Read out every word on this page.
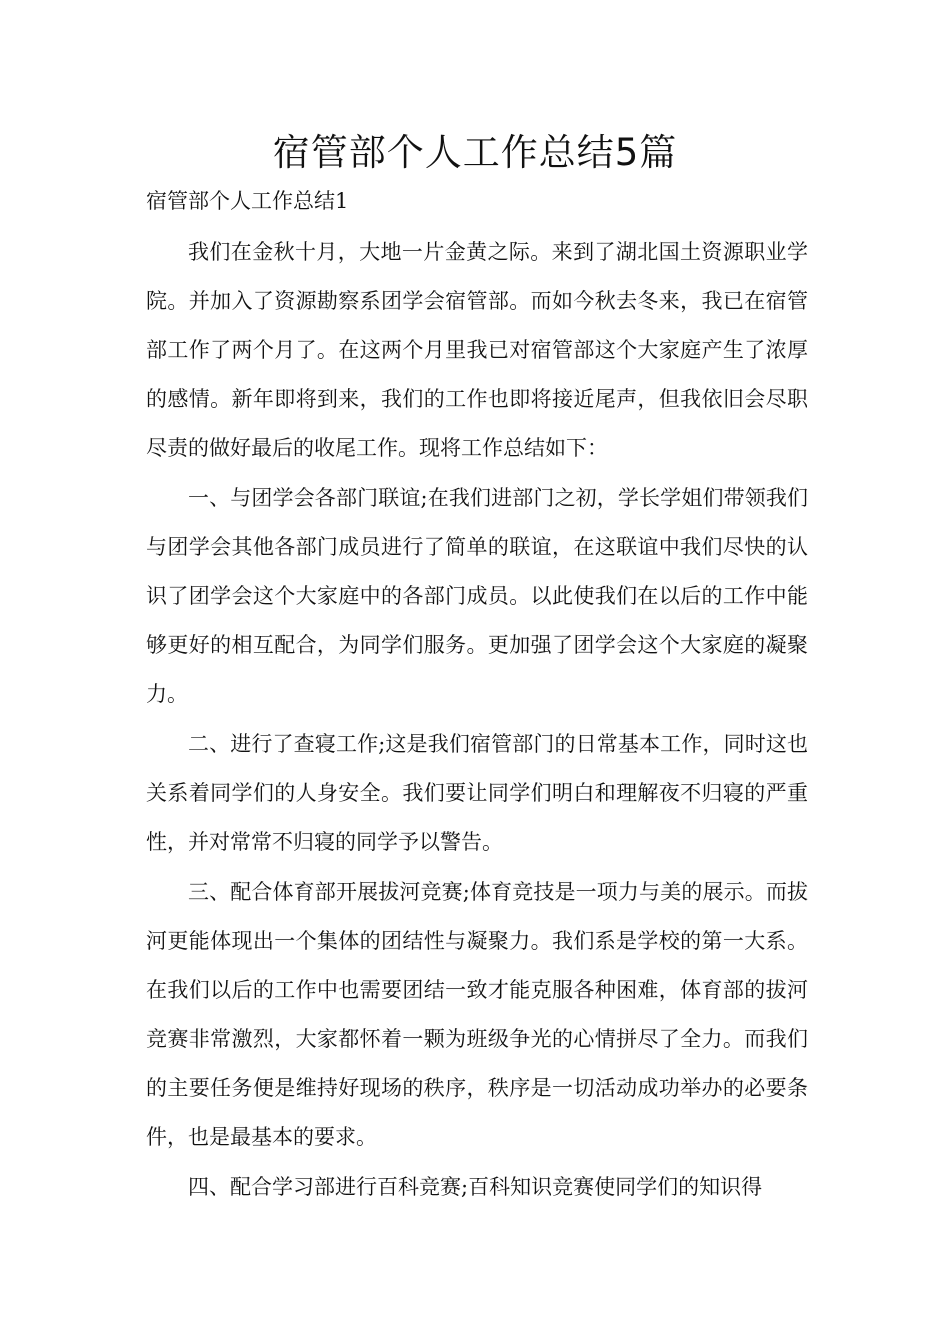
宿管部个人工作总结5篇

宿管部个人工作总结1

我们在金秋十月，大地一片金黄之际。来到了湖北国土资源职业学院。并加入了资源勘察系团学会宿管部。而如今秋去冬来，我已在宿管部工作了两个月了。在这两个月里我已对宿管部这个大家庭产生了浓厚的感情。新年即将到来，我们的工作也即将接近尾声，但我依旧会尽职尽责的做好最后的收尾工作。现将工作总结如下：

一、与团学会各部门联谊;在我们进部门之初，学长学姐们带领我们与团学会其他各部门成员进行了简单的联谊，在这联谊中我们尽快的认识了团学会这个大家庭中的各部门成员。以此使我们在以后的工作中能够更好的相互配合，为同学们服务。更加强了团学会这个大家庭的凝聚力。

二、进行了查寝工作;这是我们宿管部门的日常基本工作，同时这也关系着同学们的人身安全。我们要让同学们明白和理解夜不归寝的严重性，并对常常不归寝的同学予以警告。

三、配合体育部开展拔河竞赛;体育竞技是一项力与美的展示。而拔河更能体现出一个集体的团结性与凝聚力。我们系是学校的第一大系。在我们以后的工作中也需要团结一致才能克服各种困难，体育部的拔河竞赛非常激烈，大家都怀着一颗为班级争光的心情拼尽了全力。而我们的主要任务便是维持好现场的秩序，秩序是一切活动成功举办的必要条件，也是最基本的要求。

四、配合学习部进行百科竞赛;百科知识竞赛使同学们的知识得
